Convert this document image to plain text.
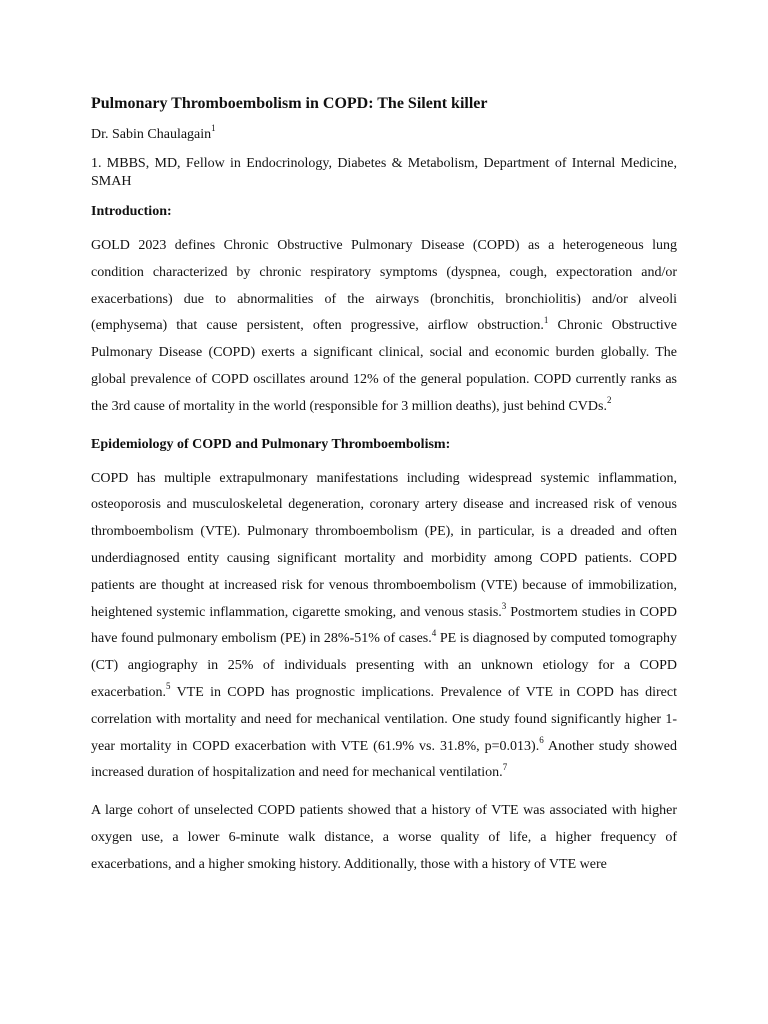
Pulmonary Thromboembolism in COPD: The Silent killer

Dr. Sabin Chaulagain$^1$

1. MBBS, MD, Fellow in Endocrinology, Diabetes & Metabolism, Department of Internal Medicine, SMAH

Introduction:

GOLD 2023 defines Chronic Obstructive Pulmonary Disease (COPD) as a heterogeneous lung condition characterized by chronic respiratory symptoms (dyspnea, cough, expectoration and/or exacerbations) due to abnormalities of the airways (bronchitis, bronchiolitis) and/or alveoli (emphysema) that cause persistent, often progressive, airflow obstruction.$^1$ Chronic Obstructive Pulmonary Disease (COPD) exerts a significant clinical, social and economic burden globally. The global prevalence of COPD oscillates around 12% of the general population. COPD currently ranks as the 3rd cause of mortality in the world (responsible for 3 million deaths), just behind CVDs.$^2$

Epidemiology of COPD and Pulmonary Thromboembolism:

COPD has multiple extrapulmonary manifestations including widespread systemic inflammation, osteoporosis and musculoskeletal degeneration, coronary artery disease and increased risk of venous thromboembolism (VTE). Pulmonary thromboembolism (PE), in particular, is a dreaded and often underdiagnosed entity causing significant mortality and morbidity among COPD patients. COPD patients are thought at increased risk for venous thromboembolism (VTE) because of immobilization, heightened systemic inflammation, cigarette smoking, and venous stasis.$^3$ Postmortem studies in COPD have found pulmonary embolism (PE) in 28%-51% of cases.$^4$ PE is diagnosed by computed tomography (CT) angiography in 25% of individuals presenting with an unknown etiology for a COPD exacerbation.$^5$ VTE in COPD has prognostic implications. Prevalence of VTE in COPD has direct correlation with mortality and need for mechanical ventilation. One study found significantly higher 1-year mortality in COPD exacerbation with VTE (61.9% vs. 31.8%, p=0.013).$^6$ Another study showed increased duration of hospitalization and need for mechanical ventilation.$^7$

A large cohort of unselected COPD patients showed that a history of VTE was associated with higher oxygen use, a lower 6-minute walk distance, a worse quality of life, a higher frequency of exacerbations, and a higher smoking history. Additionally, those with a history of VTE were
